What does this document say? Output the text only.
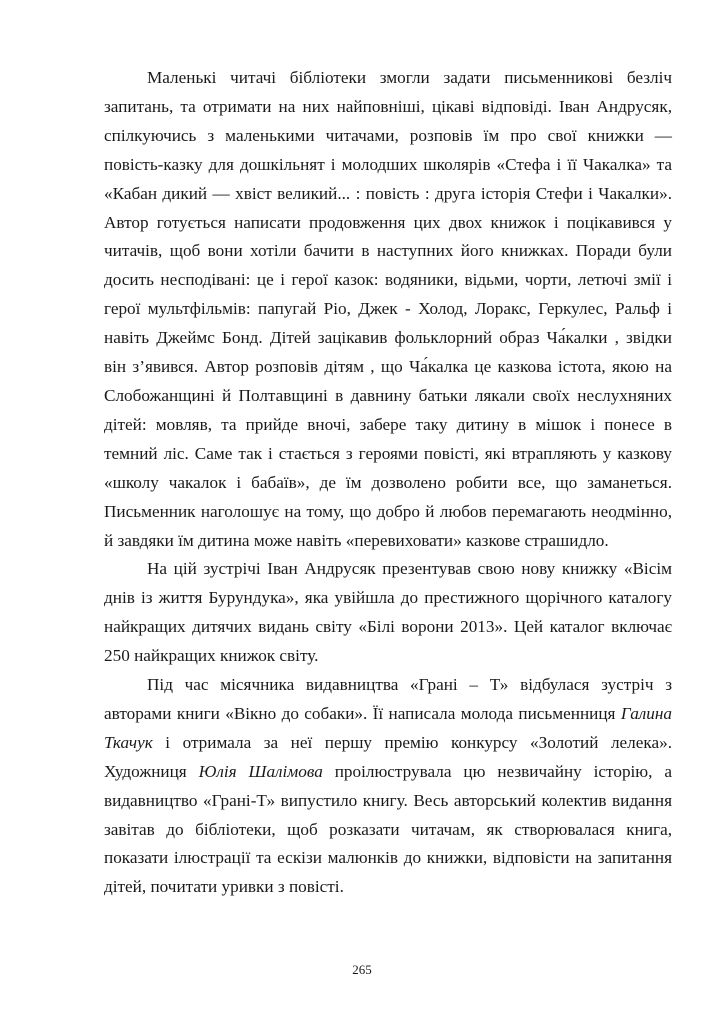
Маленькі читачі бібліотеки змогли задати письменникові безліч запитань, та отримати на них найповніші, цікаві відповіді. Іван Андрусяк, спілкуючись з маленькими читачами, розповів їм про свої книжки — повість-казку для дошкільнят і молодших школярів «Стефа і її Чакалка» та «Кабан дикий — хвіст великий... : повість : друга історія Стефи і Чакалки». Автор готується написати продовження цих двох книжок і поцікавився у читачів, щоб вони хотіли бачити в наступних його книжках. Поради були досить несподівані: це і герої казок: водяники, відьми, чорти, летючі змії і герої мультфільмів: папугай Ріо, Джек - Холод, Лоракс, Геркулес, Ральф і навіть Джеймс Бонд. Дітей зацікавив фольклорний образ Ча́калки , звідки він з’явився. Автор розповів дітям , що Ча́калка це казкова істота, якою на Слобожанщині й Полтавщині в давнину батьки лякали своїх неслухняних дітей: мовляв, та прийде вночі, забере таку дитину в мішок і понесе в темний ліс. Саме так і стається з героями повісті, які втрапляють у казкову «школу чакалок і бабаїв», де їм дозволено робити все, що заманеться. Письменник наголошує на тому, що добро й любов перемагають неодмінно, й завдяки їм дитина може навіть «перевиховати» казкове страшидло.

На цій зустрічі Іван Андрусяк презентував свою нову книжку «Вісім днів із життя Бурундука», яка увійшла до престижного щорічного каталогу найкращих дитячих видань світу «Білі ворони 2013». Цей каталог включає 250 найкращих книжок світу.

Під час місячника видавництва «Грані – Т» відбулася зустріч з авторами книги «Вікно до собаки». Її написала молода письменниця Галина Ткачук і отримала за неї першу премію конкурсу «Золотий лелека». Художниця Юлія Шалімова проілюструвала цю незвичайну історію, а видавництво «Грані-Т» випустило книгу. Весь авторський колектив видання завітав до бібліотеки, щоб розказати читачам, як створювалася книга, показати ілюстрації та ескізи малюнків до книжки, відповісти на запитання дітей, почитати уривки з повісті.

265
